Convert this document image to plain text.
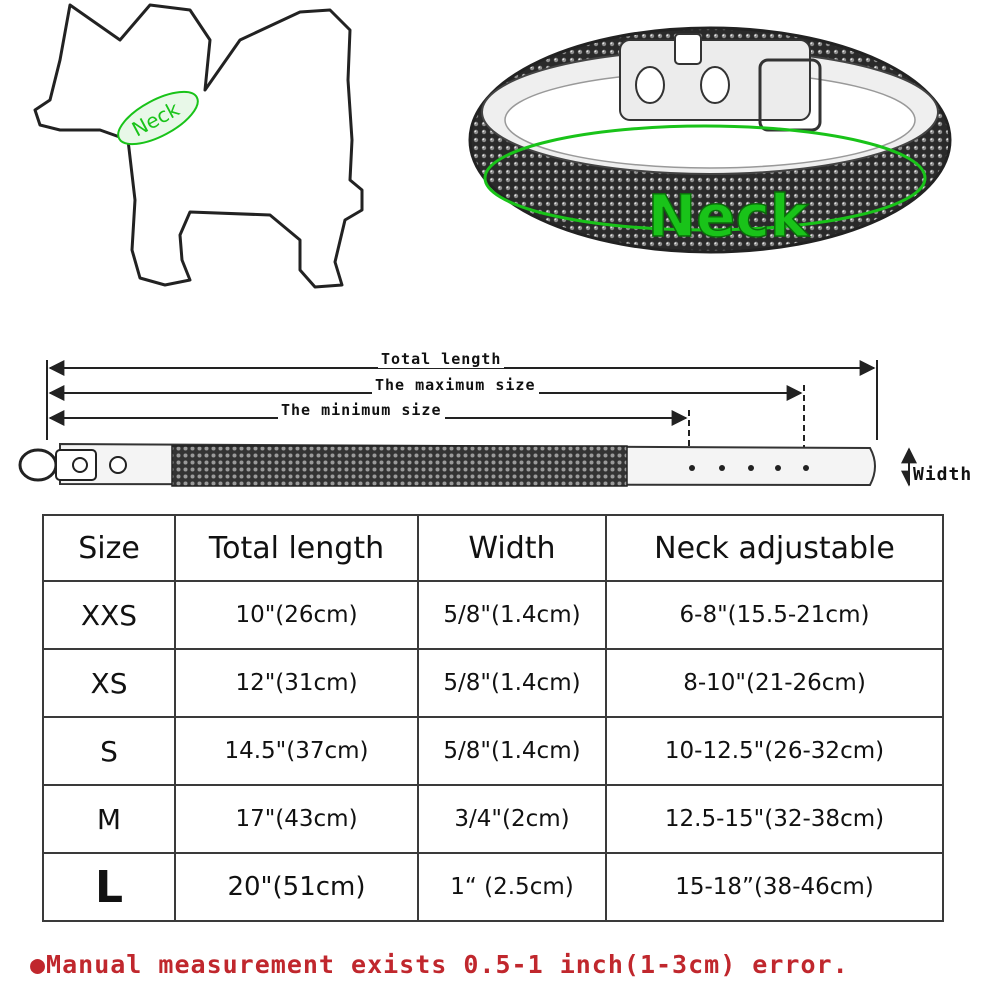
Neck
Neck
Total length
The maximum size
The minimum size
Width
Size	Total length	Width	Neck adjustable
XXS	10"(26cm)	5/8"(1.4cm)	6-8"(15.5-21cm)
XS	12"(31cm)	5/8"(1.4cm)	8-10"(21-26cm)
S	14.5"(37cm)	5/8"(1.4cm)	10-12.5"(26-32cm)
M	17"(43cm)	3/4"(2cm)	12.5-15"(32-38cm)
L	20"(51cm)	1“ (2.5cm)	15-18”(38-46cm)
●Manual measurement exists 0.5-1 inch(1-3cm) error.
